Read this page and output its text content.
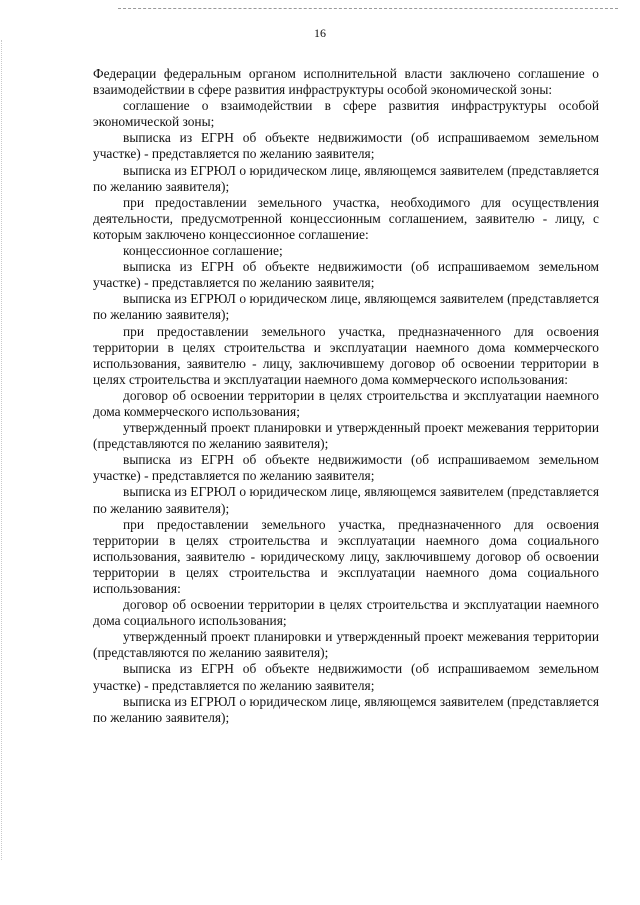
16

Федерации федеральным органом исполнительной власти заключено соглашение о взаимодействии в сфере развития инфраструктуры особой экономической зоны:

соглашение о взаимодействии в сфере развития инфраструктуры особой экономической зоны;

выписка из ЕГРН об объекте недвижимости (об испрашиваемом земельном участке) - представляется по желанию заявителя;

выписка из ЕГРЮЛ о юридическом лице, являющемся заявителем (представляется по желанию заявителя);

при предоставлении земельного участка, необходимого для осуществления деятельности, предусмотренной концессионным соглашением, заявителю - лицу, с которым заключено концессионное соглашение:

концессионное соглашение;

выписка из ЕГРН об объекте недвижимости (об испрашиваемом земельном участке) - представляется по желанию заявителя;

выписка из ЕГРЮЛ о юридическом лице, являющемся заявителем (представляется по желанию заявителя);

при предоставлении земельного участка, предназначенного для освоения территории в целях строительства и эксплуатации наемного дома коммерческого использования, заявителю - лицу, заключившему договор об освоении территории в целях строительства и эксплуатации наемного дома коммерческого использования:

договор об освоении территории в целях строительства и эксплуатации наемного дома коммерческого использования;

утвержденный проект планировки и утвержденный проект межевания территории (представляются по желанию заявителя);

выписка из ЕГРН об объекте недвижимости (об испрашиваемом земельном участке) - представляется по желанию заявителя;

выписка из ЕГРЮЛ о юридическом лице, являющемся заявителем (представляется по желанию заявителя);

при предоставлении земельного участка, предназначенного для освоения территории в целях строительства и эксплуатации наемного дома социального использования, заявителю - юридическому лицу, заключившему договор об освоении территории в целях строительства и эксплуатации наемного дома социального использования:

договор об освоении территории в целях строительства и эксплуатации наемного дома социального использования;

утвержденный проект планировки и утвержденный проект межевания территории (представляются по желанию заявителя);

выписка из ЕГРН об объекте недвижимости (об испрашиваемом земельном участке) - представляется по желанию заявителя;

выписка из ЕГРЮЛ о юридическом лице, являющемся заявителем (представляется по желанию заявителя);
